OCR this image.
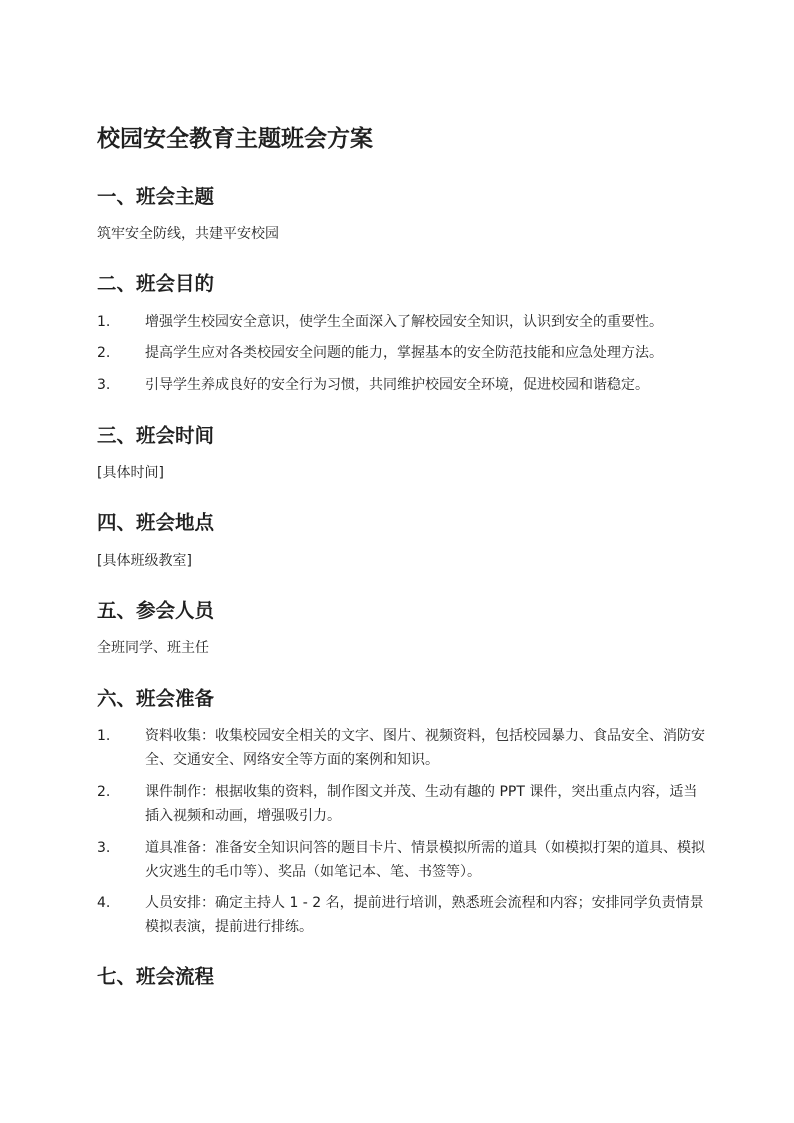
校园安全教育主题班会方案
一、班会主题

筑牢安全防线，共建平安校园

二、班会目的
1. 增强学生校园安全意识，使学生全面深入了解校园安全知识，认识到安全的重要性。
2. 提高学生应对各类校园安全问题的能力，掌握基本的安全防范技能和应急处理方法。
3. 引导学生养成良好的安全行为习惯，共同维护校园安全环境，促进校园和谐稳定。
三、班会时间

[具体时间]

四、班会地点

[具体班级教室]

五、参会人员

全班同学、班主任

六、班会准备
1. 资料收集：收集校园安全相关的文字、图片、视频资料，包括校园暴力、食品安全、消防安全、交通安全、网络安全等方面的案例和知识。
2. 课件制作：根据收集的资料，制作图文并茂、生动有趣的 PPT 课件，突出重点内容，适当插入视频和动画，增强吸引力。
3. 道具准备：准备安全知识问答的题目卡片、情景模拟所需的道具（如模拟打架的道具、模拟火灾逃生的毛巾等）、奖品（如笔记本、笔、书签等）。
4. 人员安排：确定主持人 1 - 2 名，提前进行培训，熟悉班会流程和内容；安排同学负责情景模拟表演，提前进行排练。
七、班会流程
